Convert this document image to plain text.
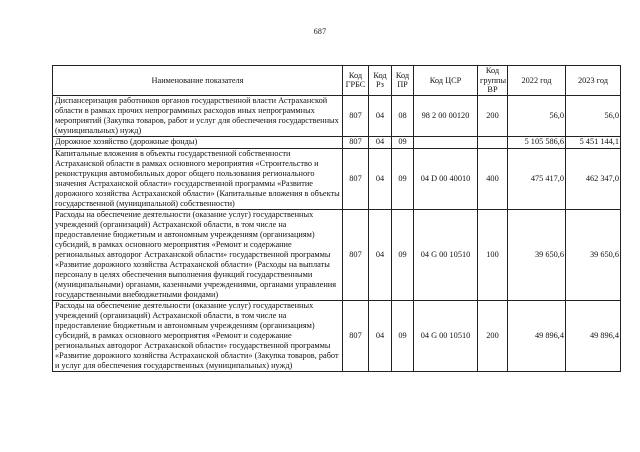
687
Наименование показателя	Код ГРБС	Код Рз	Код ПР	Код ЦСР	Код группы ВР	2022 год	2023 год
Диспансеризация работников органов государственной власти Астраханской области в рамках прочих непрограммных расходов иных непрограммных мероприятий (Закупка товаров, работ и услуг для обеспечения государственных (муниципальных) нужд)	807	04	08	98 2 00 00120	200	56,0	56,0
Дорожное хозяйство (дорожные фонды)	807	04	09			5 105 586,6	5 451 144,1
Капитальные вложения в объекты государственной собственности Астраханской области в рамках основного мероприятия «Строительство и реконструкция автомобильных дорог общего пользования регионального значения Астраханской области» государственной программы «Развитие дорожного хозяйства Астраханской области» (Капитальные вложения в объекты государственной (муниципальной) собственности)	807	04	09	04 D 00 40010	400	475 417,0	462 347,0
Расходы на обеспечение деятельности (оказание услуг) государственных учреждений (организаций) Астраханской области, в том числе на предоставление бюджетным и автономным учреждениям (организациям) субсидий, в рамках основного мероприятия «Ремонт и содержание региональных автодорог Астраханской области» государственной программы «Развитие дорожного хозяйства Астраханской области» (Расходы на выплаты персоналу в целях обеспечения выполнения функций государственными (муниципальными) органами, казенными учреждениями, органами управления государственными внебюджетными фондами)	807	04	09	04 G 00 10510	100	39 650,6	39 650,6
Расходы на обеспечение деятельности (оказание услуг) государственных учреждений (организаций) Астраханской области, в том числе на предоставление бюджетным и автономным учреждениям (организациям) субсидий, в рамках основного мероприятия «Ремонт и содержание региональных автодорог Астраханской области» государственной программы «Развитие дорожного хозяйства Астраханской области» (Закупка товаров, работ и услуг для обеспечения государственных (муниципальных) нужд)	807	04	09	04 G 00 10510	200	49 896,4	49 896,4
